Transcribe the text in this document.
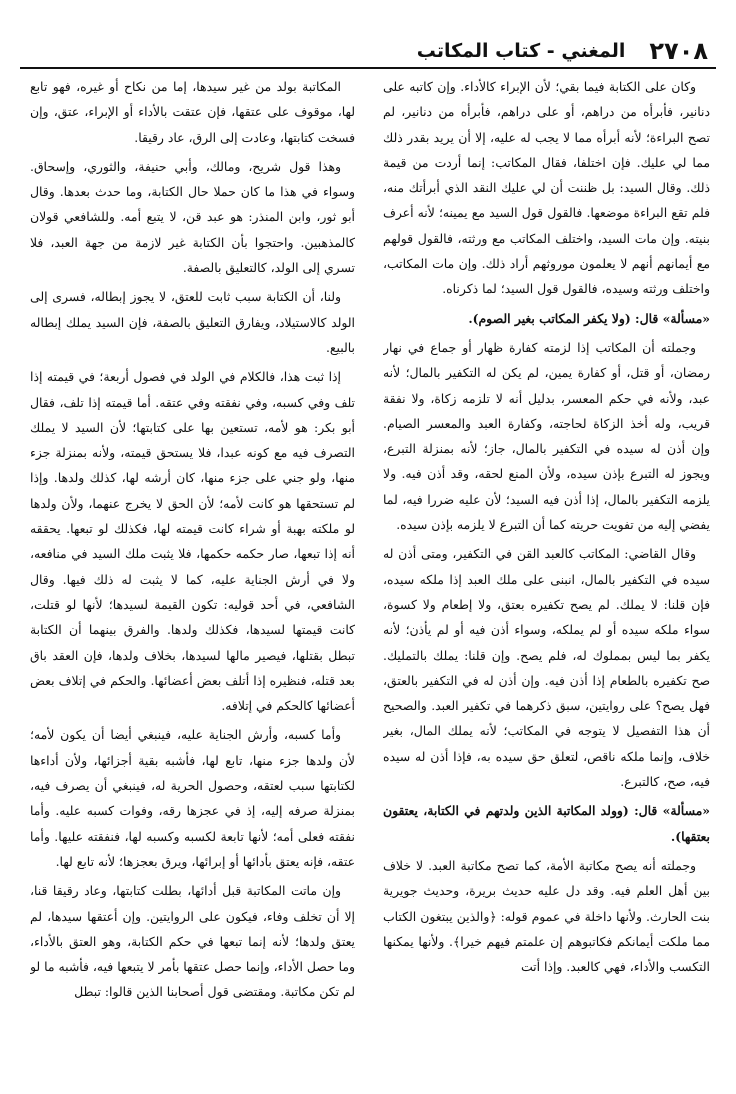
٢٧٠٨
المغني - كتاب المكاتب

وكان على الكتابة فيما بقي؛ لأن الإبراء كالأداء. وإن كاتبه على دنانير، فأبرأه من دراهم، أو على دراهم، فأبرأه من دنانير، لم تصح البراءة؛ لأنه أبرأه مما لا يجب له عليه، إلا أن يريد بقدر ذلك مما لي عليك. فإن اختلفا، فقال المكاتب: إنما أردت من قيمة ذلك. وقال السيد: بل ظننت أن لي عليك النقد الذي أبرأتك منه، فلم تقع البراءة موضعها. فالقول قول السيد مع يمينه؛ لأنه أعرف بنيته. وإن مات السيد، واختلف المكاتب مع ورثته، فالقول قولهم مع أيمانهم أنهم لا يعلمون موروثهم أراد ذلك. وإن مات المكاتب، واختلف ورثته وسيده، فالقول قول السيد؛ لما ذكرناه.

«مسألة» قال: (ولا يكفر المكاتب بغير الصوم).

وجملته أن المكاتب إذا لزمته كفارة ظهار أو جماع في نهار رمضان، أو قتل، أو كفارة يمين، لم يكن له التكفير بالمال؛ لأنه عبد، ولأنه في حكم المعسر، بدليل أنه لا تلزمه زكاة، ولا نفقة قريب، وله أخذ الزكاة لحاجته، وكفارة العبد والمعسر الصيام. وإن أذن له سيده في التكفير بالمال، جاز؛ لأنه بمنزلة التبرع، ويجوز له التبرع بإذن سيده، ولأن المنع لحقه، وقد أذن فيه. ولا يلزمه التكفير بالمال، إذا أذن فيه السيد؛ لأن عليه ضررا فيه، لما يفضي إليه من تفويت حريته كما أن التبرع لا يلزمه بإذن سيده.

وقال القاضي: المكاتب كالعبد القن في التكفير، ومتى أذن له سيده في التكفير بالمال، انبنى على ملك العبد إذا ملكه سيده، فإن قلنا: لا يملك. لم يصح تكفيره بعتق، ولا إطعام ولا كسوة، سواء ملكه سيده أو لم يملكه، وسواء أذن فيه أو لم يأذن؛ لأنه يكفر بما ليس بمملوك له، فلم يصح. وإن قلنا: يملك بالتمليك. صح تكفيره بالطعام إذا أذن فيه. وإن أذن له في التكفير بالعتق، فهل يصح؟ على روايتين، سبق ذكرهما في تكفير العبد. والصحيح أن هذا التفصيل لا يتوجه في المكاتب؛ لأنه يملك المال، بغير خلاف، وإنما ملكه ناقص، لتعلق حق سيده به، فإذا أذن له سيده فيه، صح، كالتبرع.

«مسألة» قال: (وولد المكاتبة الذين ولدتهم في الكتابة، يعتقون بعتقها).

وجملته أنه يصح مكاتبة الأمة، كما تصح مكاتبة العبد. لا خلاف بين أهل العلم فيه. وقد دل عليه حديث بريرة، وحديث جويرية بنت الحارث. ولأنها داخلة في عموم قوله: ﴿والذين يبتغون الكتاب مما ملكت أيمانكم فكاتبوهم إن علمتم فيهم خيرا﴾. ولأنها يمكنها التكسب والأداء، فهي كالعبد. وإذا أتت

المكاتبة بولد من غير سيدها، إما من نكاح أو غيره، فهو تابع لها، موقوف على عتقها، فإن عتقت بالأداء أو الإبراء، عتق، وإن فسخت كتابتها، وعادت إلى الرق، عاد رقيقا.

وهذا قول شريح، ومالك، وأبي حنيفة، والثوري، وإسحاق. وسواء في هذا ما كان حملا حال الكتابة، وما حدث بعدها. وقال أبو ثور، وابن المنذر: هو عبد قن، لا يتبع أمه. وللشافعي قولان كالمذهبين. واحتجوا بأن الكتابة غير لازمة من جهة العبد، فلا تسري إلى الولد، كالتعليق بالصفة.

ولنا، أن الكتابة سبب ثابت للعتق، لا يجوز إبطاله، فسرى إلى الولد كالاستيلاد، ويفارق التعليق بالصفة، فإن السيد يملك إبطاله بالبيع.

إذا ثبت هذا، فالكلام في الولد في فصول أربعة؛ في قيمته إذا تلف وفي كسبه، وفي نفقته وفي عتقه. أما قيمته إذا تلف، فقال أبو بكر: هو لأمه، تستعين بها على كتابتها؛ لأن السيد لا يملك التصرف فيه مع كونه عبدا، فلا يستحق قيمته، ولأنه بمنزلة جزء منها، ولو جني على جزء منها، كان أرشه لها، كذلك ولدها. وإذا لم تستحقها هو كانت لأمه؛ لأن الحق لا يخرج عنهما، ولأن ولدها لو ملكته بهبة أو شراء كانت قيمته لها، فكذلك لو تبعها. يحققه أنه إذا تبعها، صار حكمه حكمها، فلا يثبت ملك السيد في منافعه، ولا في أرش الجناية عليه، كما لا يثبت له ذلك فيها. وقال الشافعي، في أحد قوليه: تكون القيمة لسيدها؛ لأنها لو قتلت، كانت قيمتها لسيدها، فكذلك ولدها. والفرق بينهما أن الكتابة تبطل بقتلها، فيصير مالها لسيدها، بخلاف ولدها، فإن العقد باق بعد قتله، فنظيره إذا أتلف بعض أعضائها. والحكم في إتلاف بعض أعضائها كالحكم في إتلافه.

وأما كسبه، وأرش الجناية عليه، فينبغي أيضا أن يكون لأمه؛ لأن ولدها جزء منها، تابع لها، فأشبه بقية أجزائها، ولأن أداءها لكتابتها سبب لعتقه، وحصول الحرية له، فينبغي أن يصرف فيه، بمنزلة صرفه إليه، إذ في عجزها رقه، وفوات كسبه عليه. وأما نفقته فعلى أمه؛ لأنها تابعة لكسبه وكسبه لها، فنفقته عليها. وأما عتقه، فإنه يعتق بأدائها أو إبرائها، ويرق بعجزها؛ لأنه تابع لها.

وإن ماتت المكاتبة قبل أدائها، بطلت كتابتها، وعاد رقيقا قنا، إلا أن تخلف وفاء، فيكون على الروايتين. وإن أعتقها سيدها، لم يعتق ولدها؛ لأنه إنما تبعها في حكم الكتابة، وهو العتق بالأداء، وما حصل الأداء، وإنما حصل عتقها بأمر لا يتبعها فيه، فأشبه ما لو لم تكن مكاتبة. ومقتضى قول أصحابنا الذين قالوا: تبطل
